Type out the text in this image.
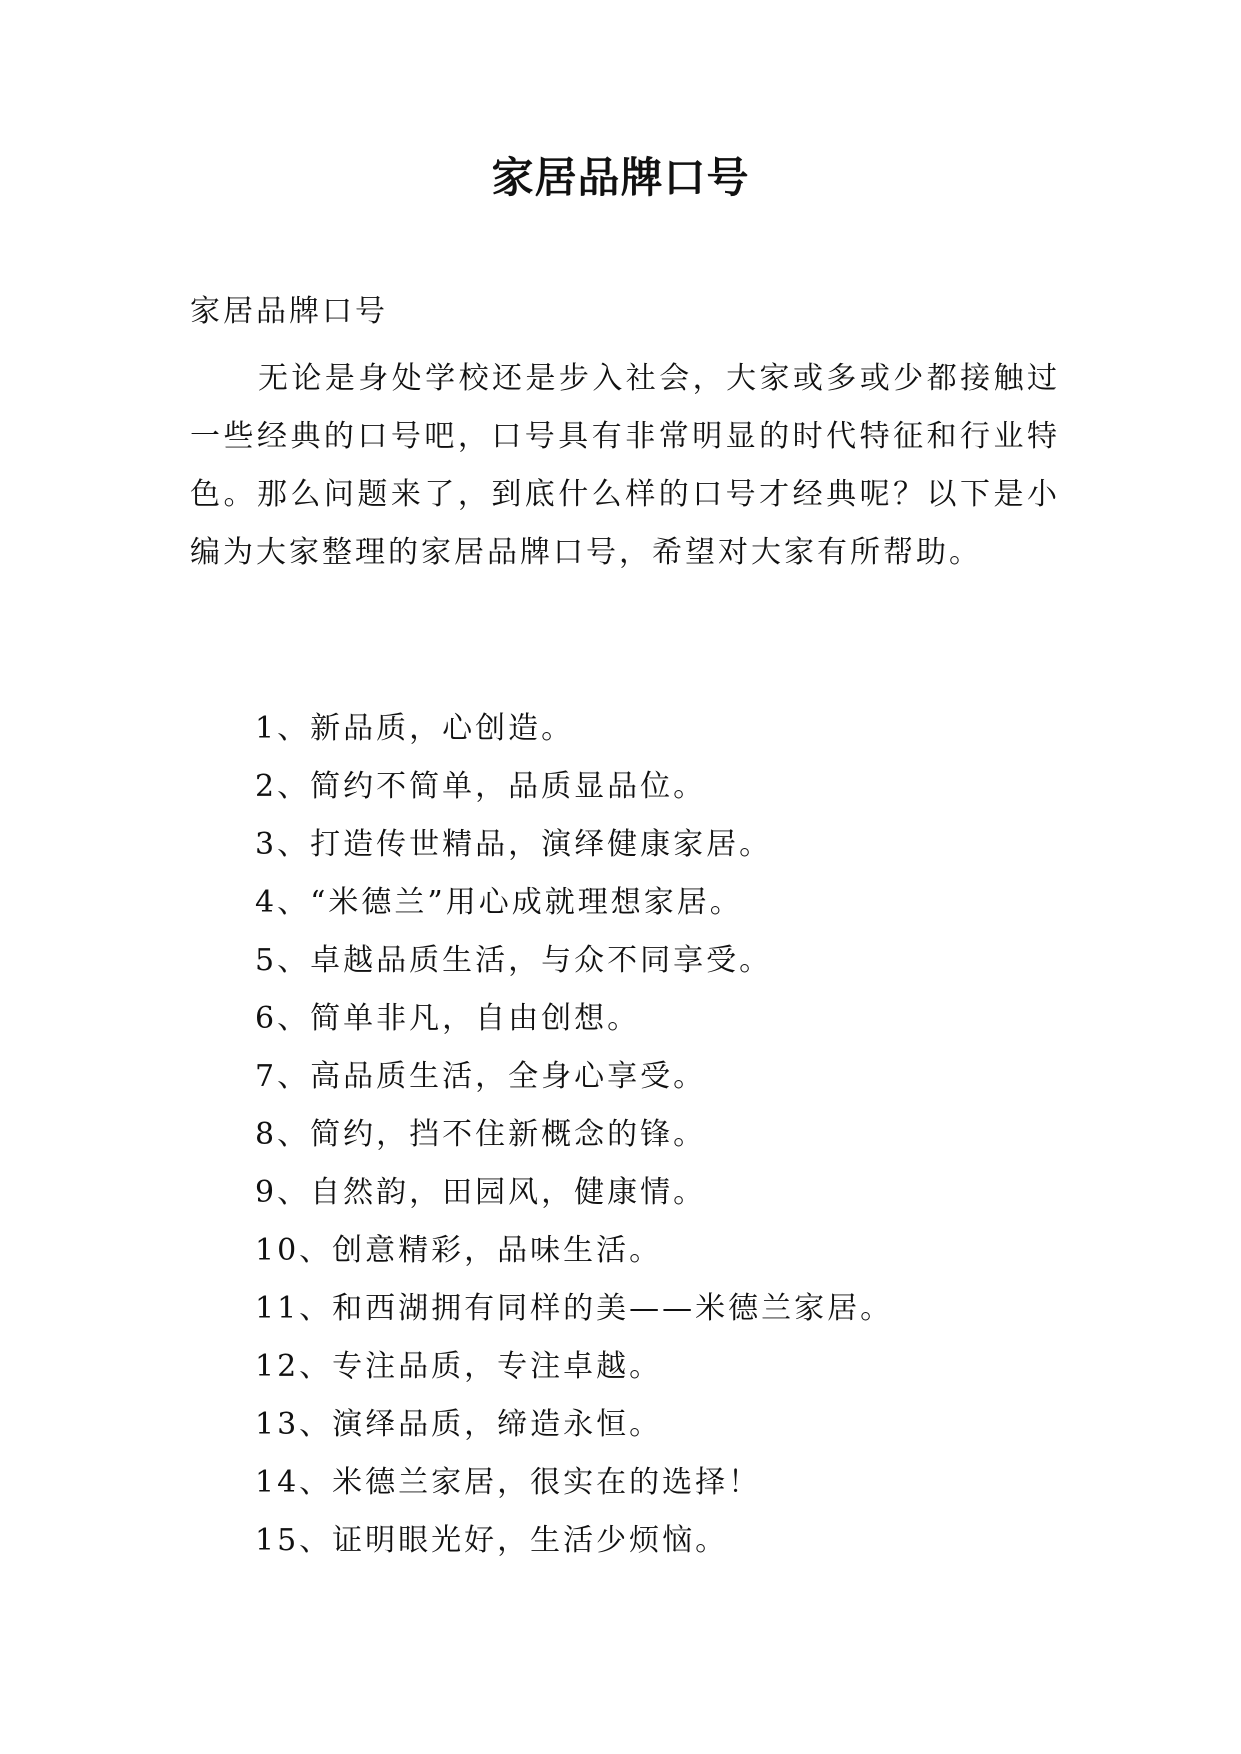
家居品牌口号

家居品牌口号

无论是身处学校还是步入社会，大家或多或少都接触过一些经典的口号吧，口号具有非常明显的时代特征和行业特色。那么问题来了，到底什么样的口号才经典呢？以下是小编为大家整理的家居品牌口号，希望对大家有所帮助。

1、新品质，心创造。
2、简约不简单，品质显品位。
3、打造传世精品，演绎健康家居。
4、“米德兰”用心成就理想家居。
5、卓越品质生活，与众不同享受。
6、简单非凡，自由创想。
7、高品质生活，全身心享受。
8、简约，挡不住新概念的锋。
9、自然韵，田园风，健康情。
10、创意精彩，品味生活。
11、和西湖拥有同样的美——米德兰家居。
12、专注品质，专注卓越。
13、演绎品质，缔造永恒。
14、米德兰家居，很实在的选择！
15、证明眼光好，生活少烦恼。
